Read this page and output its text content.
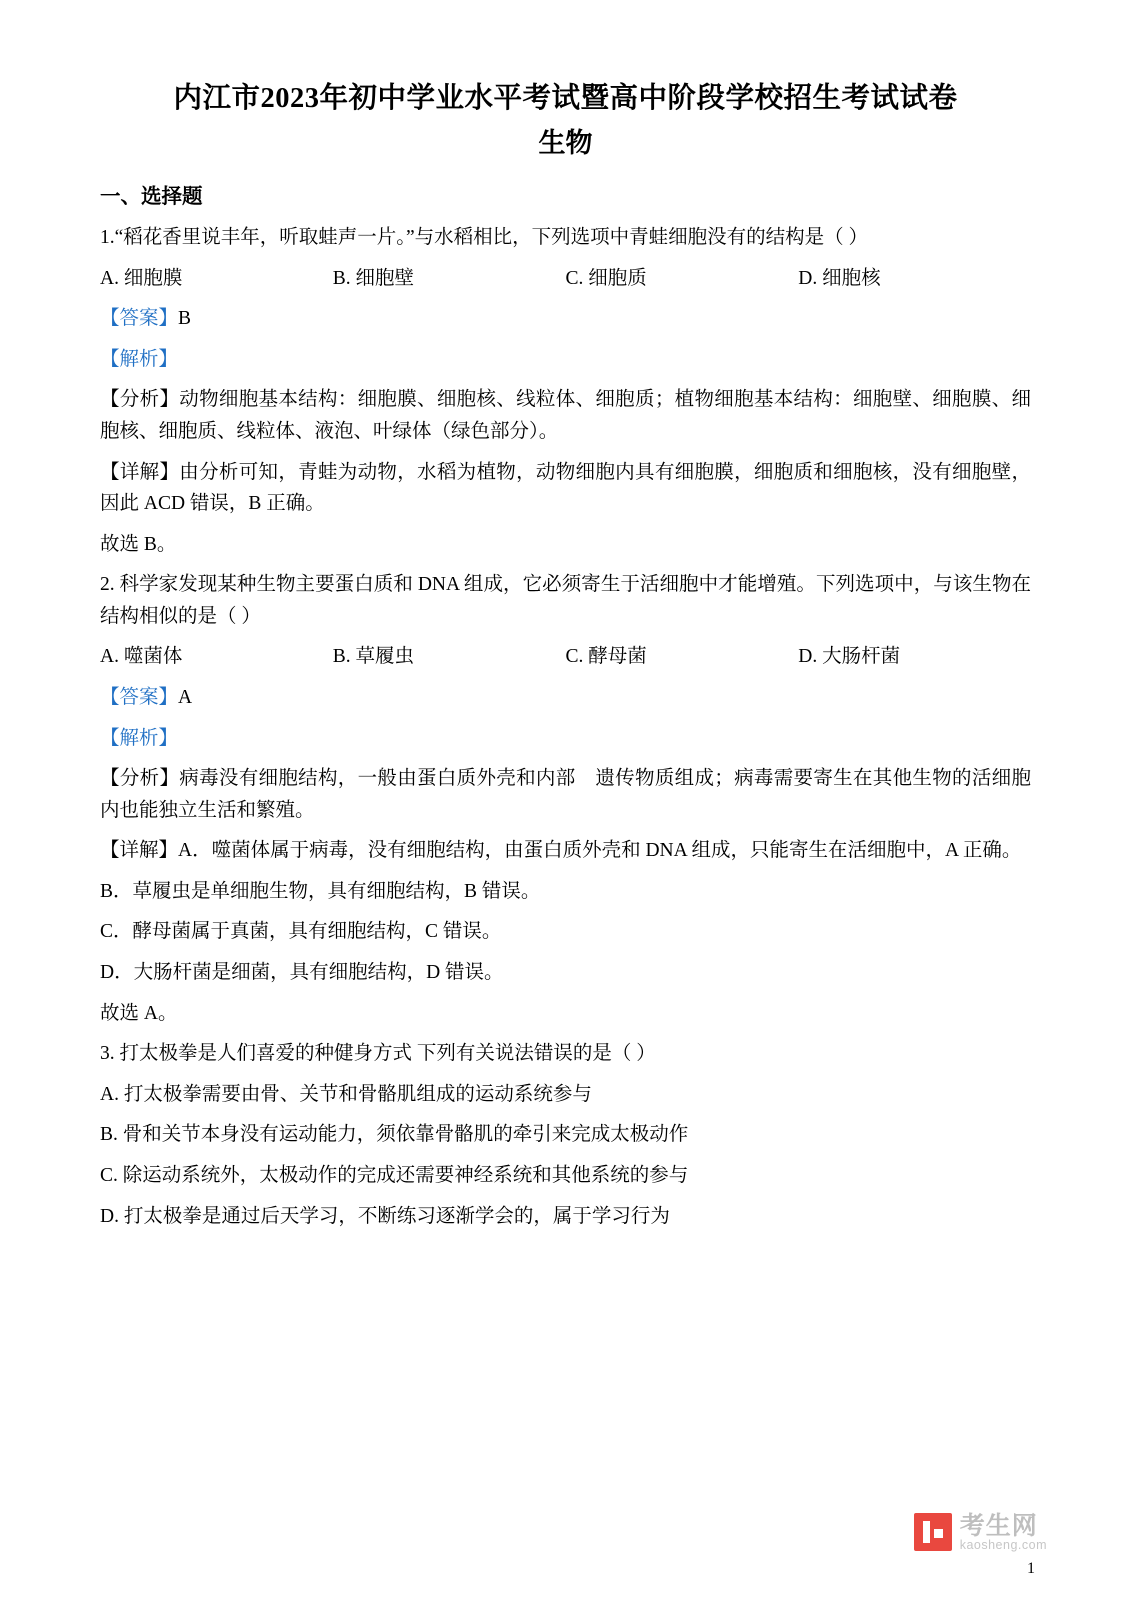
内江市2023年初中学业水平考试暨高中阶段学校招生考试试卷
生物
一、选择题
1.“稻花香里说丰年，听取蛙声一片。”与水稻相比，下列选项中青蛙细胞没有的结构是（ ）
A. 细胞膜	B. 细胞壁	C. 细胞质	D. 细胞核
【答案】B
【解析】
【分析】动物细胞基本结构：细胞膜、细胞核、线粒体、细胞质；植物细胞基本结构：细胞壁、细胞膜、细胞核、细胞质、线粒体、液泡、叶绿体（绿色部分）。
【详解】由分析可知，青蛙为动物，水稻为植物，动物细胞内具有细胞膜，细胞质和细胞核，没有细胞壁，因此 ACD 错误，B 正确。
故选 B。
2. 科学家发现某种生物主要蛋白质和 DNA 组成，它必须寄生于活细胞中才能增殖。下列选项中，与该生物在结构相似的是（ ）
A. 噬菌体	B. 草履虫	C. 酵母菌	D. 大肠杆菌
【答案】A
【解析】
【分析】病毒没有细胞结构，一般由蛋白质外壳和内部　遗传物质组成；病毒需要寄生在其他生物的活细胞内也能独立生活和繁殖。
【详解】A．噬菌体属于病毒，没有细胞结构，由蛋白质外壳和 DNA 组成，只能寄生在活细胞中，A 正确。
B．草履虫是单细胞生物，具有细胞结构，B 错误。
C．酵母菌属于真菌，具有细胞结构，C 错误。
D．大肠杆菌是细菌，具有细胞结构，D 错误。
故选 A。
3. 打太极拳是人们喜爱的种健身方式 下列有关说法错误的是（ ）
A. 打太极拳需要由骨、关节和骨骼肌组成的运动系统参与
B. 骨和关节本身没有运动能力，须依靠骨骼肌的牵引来完成太极动作
C. 除运动系统外，太极动作的完成还需要神经系统和其他系统的参与
D. 打太极拳是通过后天学习，不断练习逐渐学会的，属于学习行为
考生网
kaosheng.com
1
